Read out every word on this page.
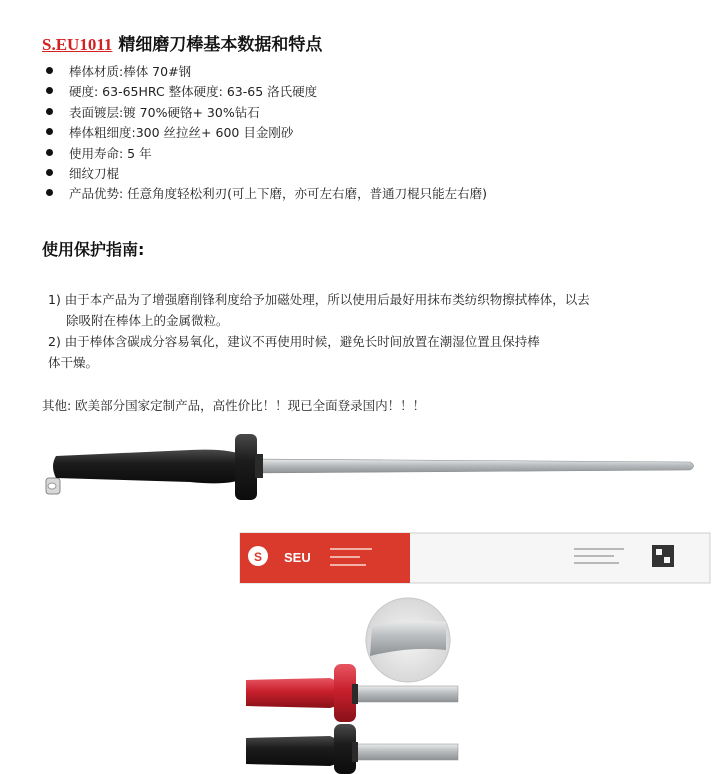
S.EU1011 精细磨刀棒基本数据和特点
棒体材质:棒体 70#钢
硬度: 63-65HRC 整体硬度: 63-65 洛氏硬度
表面镀层:镀 70%硬铬+ 30%钻石
棒体粗细度:300 丝拉丝+ 600 目金刚砂
使用寿命: 5 年
细纹刀棍
产品优势: 任意角度轻松利刃(可上下磨，亦可左右磨，普通刀棍只能左右磨)
使用保护指南:
1) 由于本产品为了增强磨削锋利度给予加磁处理，所以使用后最好用抹布类纺织物擦拭棒体，以去
除吸附在棒体上的金属微粒。
2) 由于棒体含碳成分容易氧化，建议不再使用时候，避免长时间放置在潮湿位置且保持棒
体干燥。
其他: 欧美部分国家定制产品，高性价比！！现已全面登录国内！！！
S SEU
